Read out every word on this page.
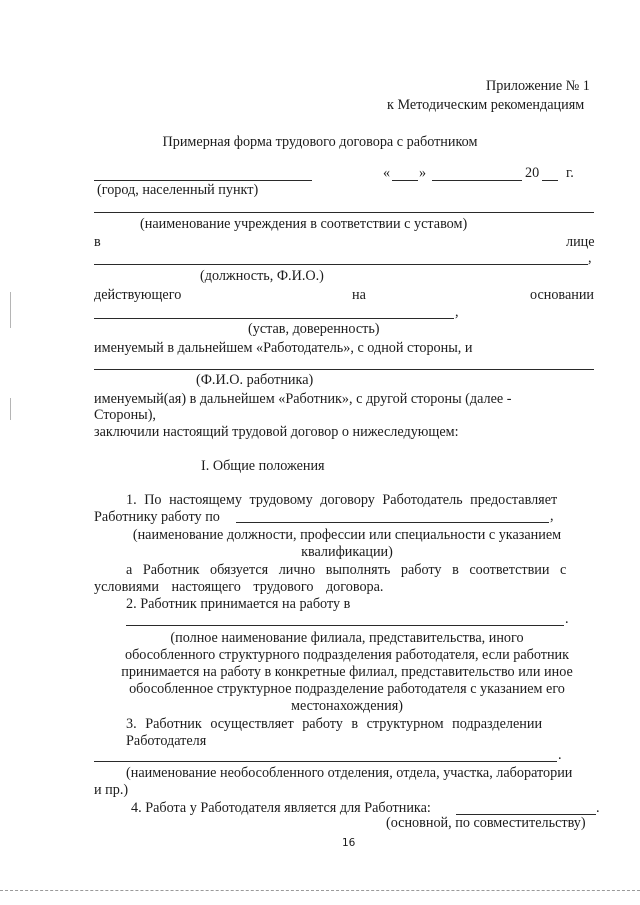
Приложение № 1
к Методическим рекомендациям
Примерная форма трудового договора с работником
« »	20 г.
(город, населенный пункт)
(наименование учреждения в соответствии с уставом)
в	лице
,
(должность, Ф.И.О.)
действующего	на	основании
,
(устав, доверенность)
именуемый в дальнейшем «Работодатель», с одной стороны, и
(Ф.И.О. работника)
именуемый(ая) в дальнейшем «Работник», с другой стороны (далее -
Стороны),
заключили настоящий трудовой договор о нижеследующем:
I. Общие положения
1. По настоящему трудовому договору Работодатель предоставляет
Работнику работу по	,
(наименование должности, профессии или специальности с указанием
квалификации)
а Работник обязуется лично выполнять работу в соответствии с
условиями настоящего трудового договора.
2. Работник принимается на работу в
.
(полное наименование филиала, представительства, иного
обособленного структурного подразделения работодателя, если работник
принимается на работу в конкретные филиал, представительство или иное
обособленное структурное подразделение работодателя с указанием его
местонахождения)
3. Работник осуществляет работу в структурном подразделении
Работодателя
.
(наименование необособленного отделения, отдела, участка, лаборатории
и пр.)
4. Работа у Работодателя является для Работника:	.
(основной, по совместительству)
16
